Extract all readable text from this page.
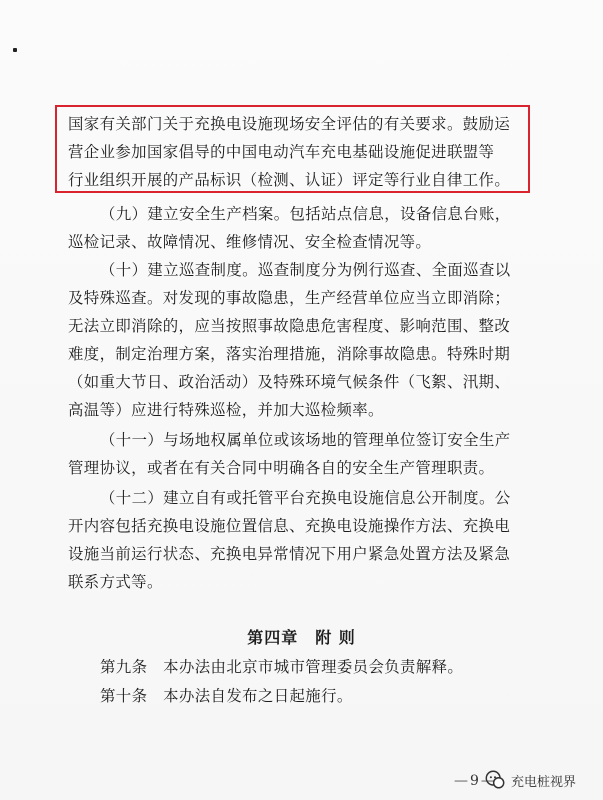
国家有关部门关于充换电设施现场安全评估的有关要求。鼓励运
营企业参加国家倡导的中国电动汽车充电基础设施促进联盟等
行业组织开展的产品标识（检测、认证）评定等行业自律工作。
（九）建立安全生产档案。包括站点信息，设备信息台账，
巡检记录、故障情况、维修情况、安全检查情况等。
（十）建立巡查制度。巡查制度分为例行巡查、全面巡查以
及特殊巡查。对发现的事故隐患，生产经营单位应当立即消除；
无法立即消除的，应当按照事故隐患危害程度、影响范围、整改
难度，制定治理方案，落实治理措施，消除事故隐患。特殊时期
（如重大节日、政治活动）及特殊环境气候条件（飞絮、汛期、
高温等）应进行特殊巡检，并加大巡检频率。
（十一）与场地权属单位或该场地的管理单位签订安全生产
管理协议，或者在有关合同中明确各自的安全生产管理职责。
（十二）建立自有或托管平台充换电设施信息公开制度。公
开内容包括充换电设施位置信息、充换电设施操作方法、充换电
设施当前运行状态、充换电异常情况下用户紧急处置方法及紧急
联系方式等。
第四章　附 则
第九条　本办法由北京市城市管理委员会负责解释。
第十条　本办法自发布之日起施行。
— 9 —	充电桩视界
